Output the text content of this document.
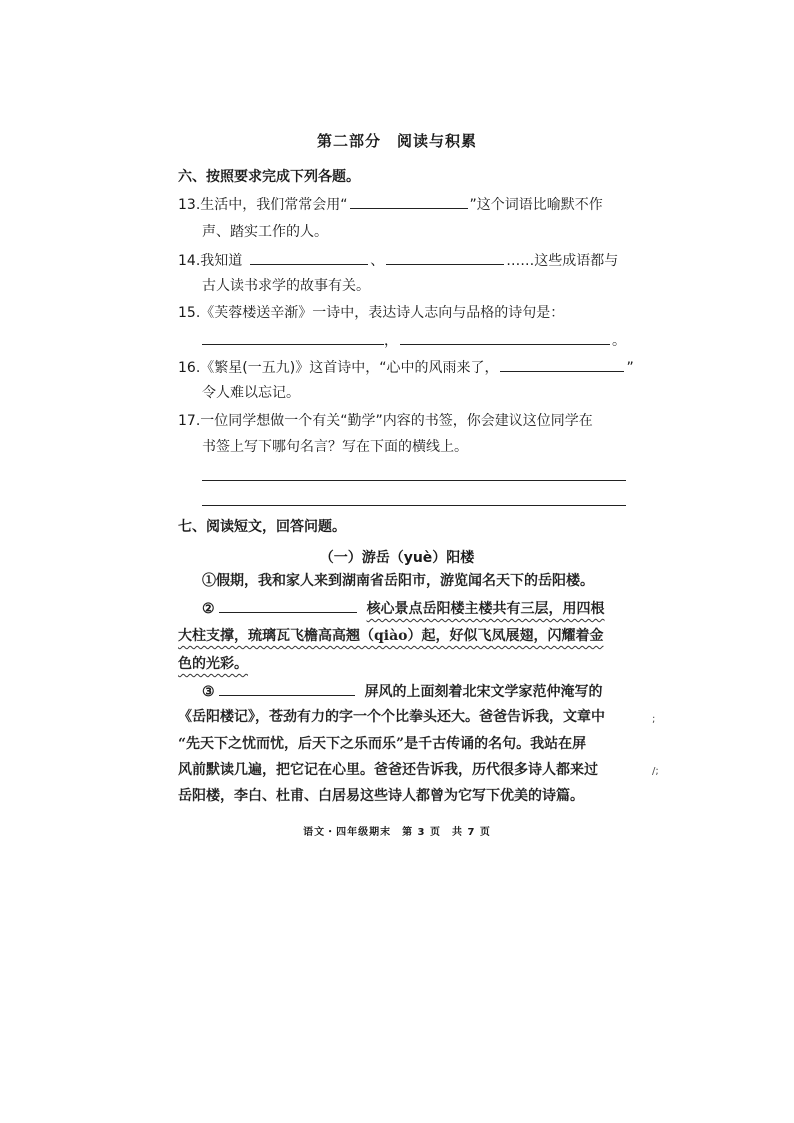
第二部分　阅读与积累
六、按照要求完成下列各题。
13.生活中，我们常常会用“	”这个词语比喻默不作
声、踏实工作的人。
14.我知道	、	……这些成语都与
古人读书求学的故事有关。
15.《芙蓉楼送辛渐》一诗中，表达诗人志向与品格的诗句是：
，	。
16.《繁星(一五九)》这首诗中，“心中的风雨来了，	”
令人难以忘记。
17.一位同学想做一个有关“勤学”内容的书签，你会建议这位同学在
书签上写下哪句名言？写在下面的横线上。
七、阅读短文，回答问题。
（一）游岳（yuè）阳楼
①假期，我和家人来到湖南省岳阳市，游览闻名天下的岳阳楼。
②	核心景点岳阳楼主楼共有三层，用四根
大柱支撑，琉璃瓦飞檐高高翘（qiào）起，好似飞凤展翅，闪耀着金
色的光彩。
③	屏风的上面刻着北宋文学家范仲淹写的
《岳阳楼记》，苍劲有力的字一个个比拳头还大。爸爸告诉我，文章中
“先天下之忧而忧，后天下之乐而乐”是千古传诵的名句。我站在屏
风前默读几遍，把它记在心里。爸爸还告诉我，历代很多诗人都来过
岳阳楼，李白、杜甫、白居易这些诗人都曾为它写下优美的诗篇。
语文・四年级期末　第 3 页　共 7 页
;
/;
